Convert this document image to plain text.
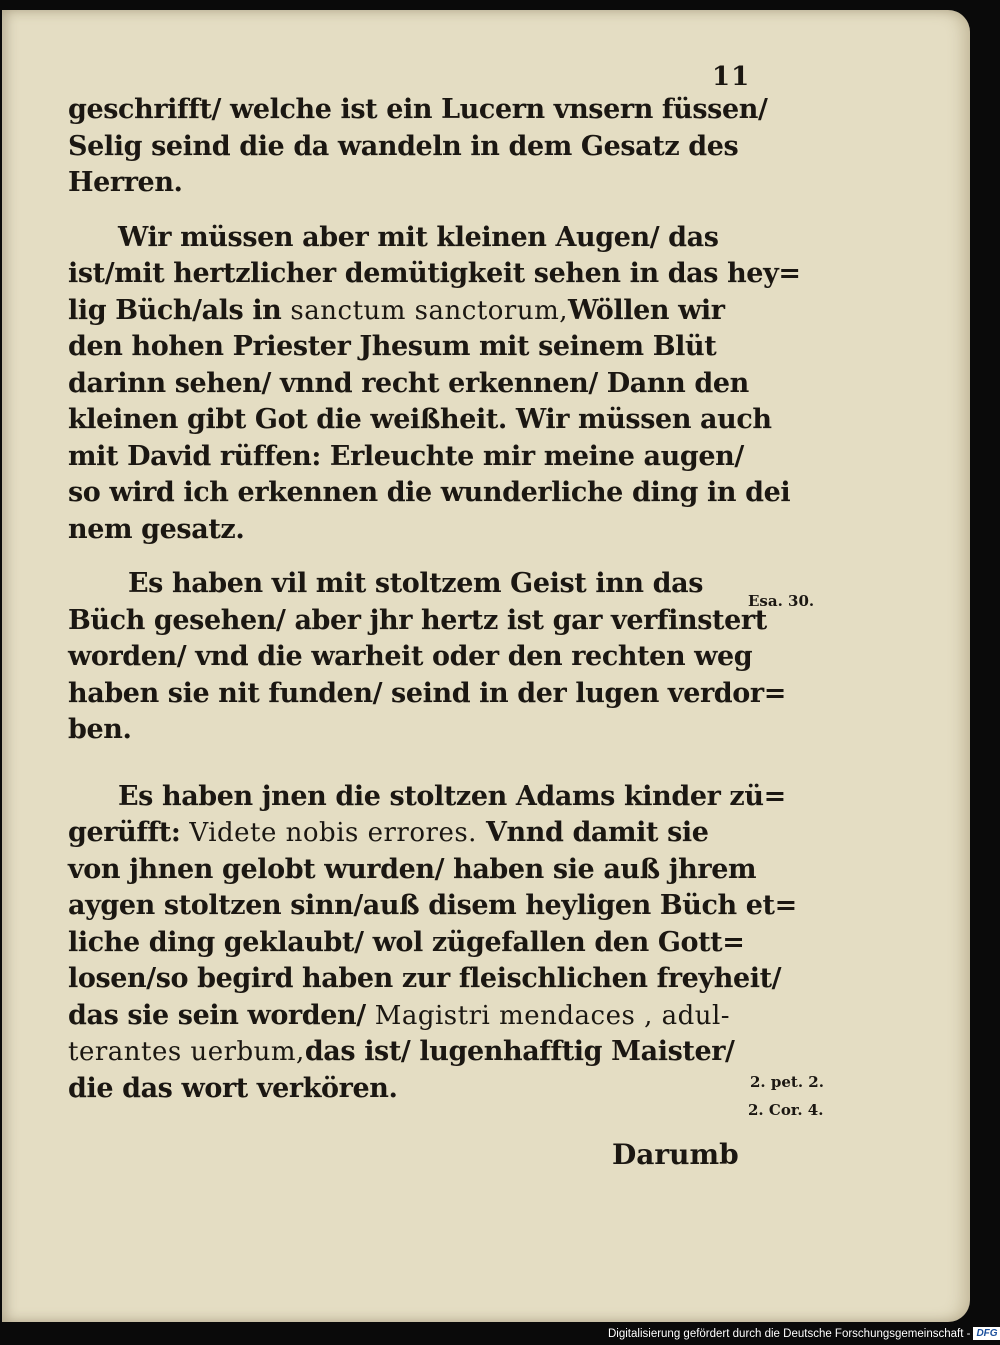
11
geschrifft/ welche ist ein Lucern vnsern füssen/
Selig seind die da wandeln in dem Gesatz des
Herren.
Wir müssen aber mit kleinen Augen/ das
ist/mit hertzlicher demütigkeit sehen in das hey=
lig Büch/als in sanctum sanctorum,Wöllen wir
den hohen Priester Jhesum mit seinem Blüt
darinn sehen/ vnnd recht erkennen/ Dann den
kleinen gibt Got die weißheit. Wir müssen auch
mit David rüffen: Erleuchte mir meine augen/
so wird ich erkennen die wunderliche ding in dei
nem gesatz.
Es haben vil mit stoltzem Geist inn das
Büch gesehen/ aber jhr hertz ist gar verfinstert
worden/ vnd die warheit oder den rechten weg
haben sie nit funden/ seind in der lugen verdor=
ben.
Es haben jnen die stoltzen Adams kinder zü=
gerüfft: Videte nobis errores. Vnnd damit sie
von jhnen gelobt wurden/ haben sie auß jhrem
aygen stoltzen sinn/auß disem heyligen Büch et=
liche ding geklaubt/ wol zügefallen den Gott=
losen/so begird haben zur fleischlichen freyheit/
das sie sein worden/ Magistri mendaces , adul-
terantes uerbum,das ist/ lugenhafftig Maister/
die das wort verkören.
Darumb
Esa. 30.
2. pet. 2.
2. Cor. 4.
Digitalisierung gefördert durch die Deutsche Forschungsgemeinschaft - DFG
